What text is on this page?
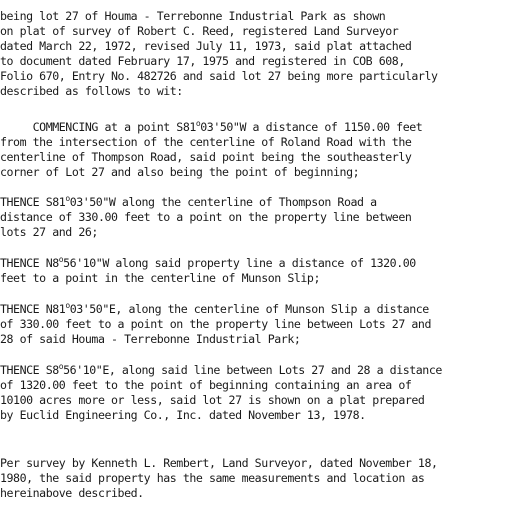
being lot 27 of Houma - Terrebonne Industrial Park as shown
on plat of survey of Robert C. Reed, registered Land Surveyor
dated March 22, 1972, revised July 11, 1973, said plat attached
to document dated February 17, 1975 and registered in COB 608,
Folio 670, Entry No. 482726 and said lot 27 being more particularly
described as follows to wit:
COMMENCING at a point S81$^o$03'50"W a distance of 1150.00 feet
from the intersection of the centerline of Roland Road with the
centerline of Thompson Road, said point being the southeasterly
corner of Lot 27 and also being the point of beginning;
THENCE S81$^o$03'50"W along the centerline of Thompson Road a
distance of 330.00 feet to a point on the property line between
lots 27 and 26;
THENCE N8$^o$56'10"W along said property line a distance of 1320.00
feet to a point in the centerline of Munson Slip;
THENCE N81$^o$03'50"E, along the centerline of Munson Slip a distance
of 330.00 feet to a point on the property line between Lots 27 and
28 of said Houma - Terrebonne Industrial Park;
THENCE S8$^o$56'10"E, along said line between Lots 27 and 28 a distance
of 1320.00 feet to the point of beginning containing an area of
10100 acres more or less, said lot 27 is shown on a plat prepared
by Euclid Engineering Co., Inc. dated November 13, 1978.
Per survey by Kenneth L. Rembert, Land Surveyor, dated November 18,
1980, the said property has the same measurements and location as
hereinabove described.
